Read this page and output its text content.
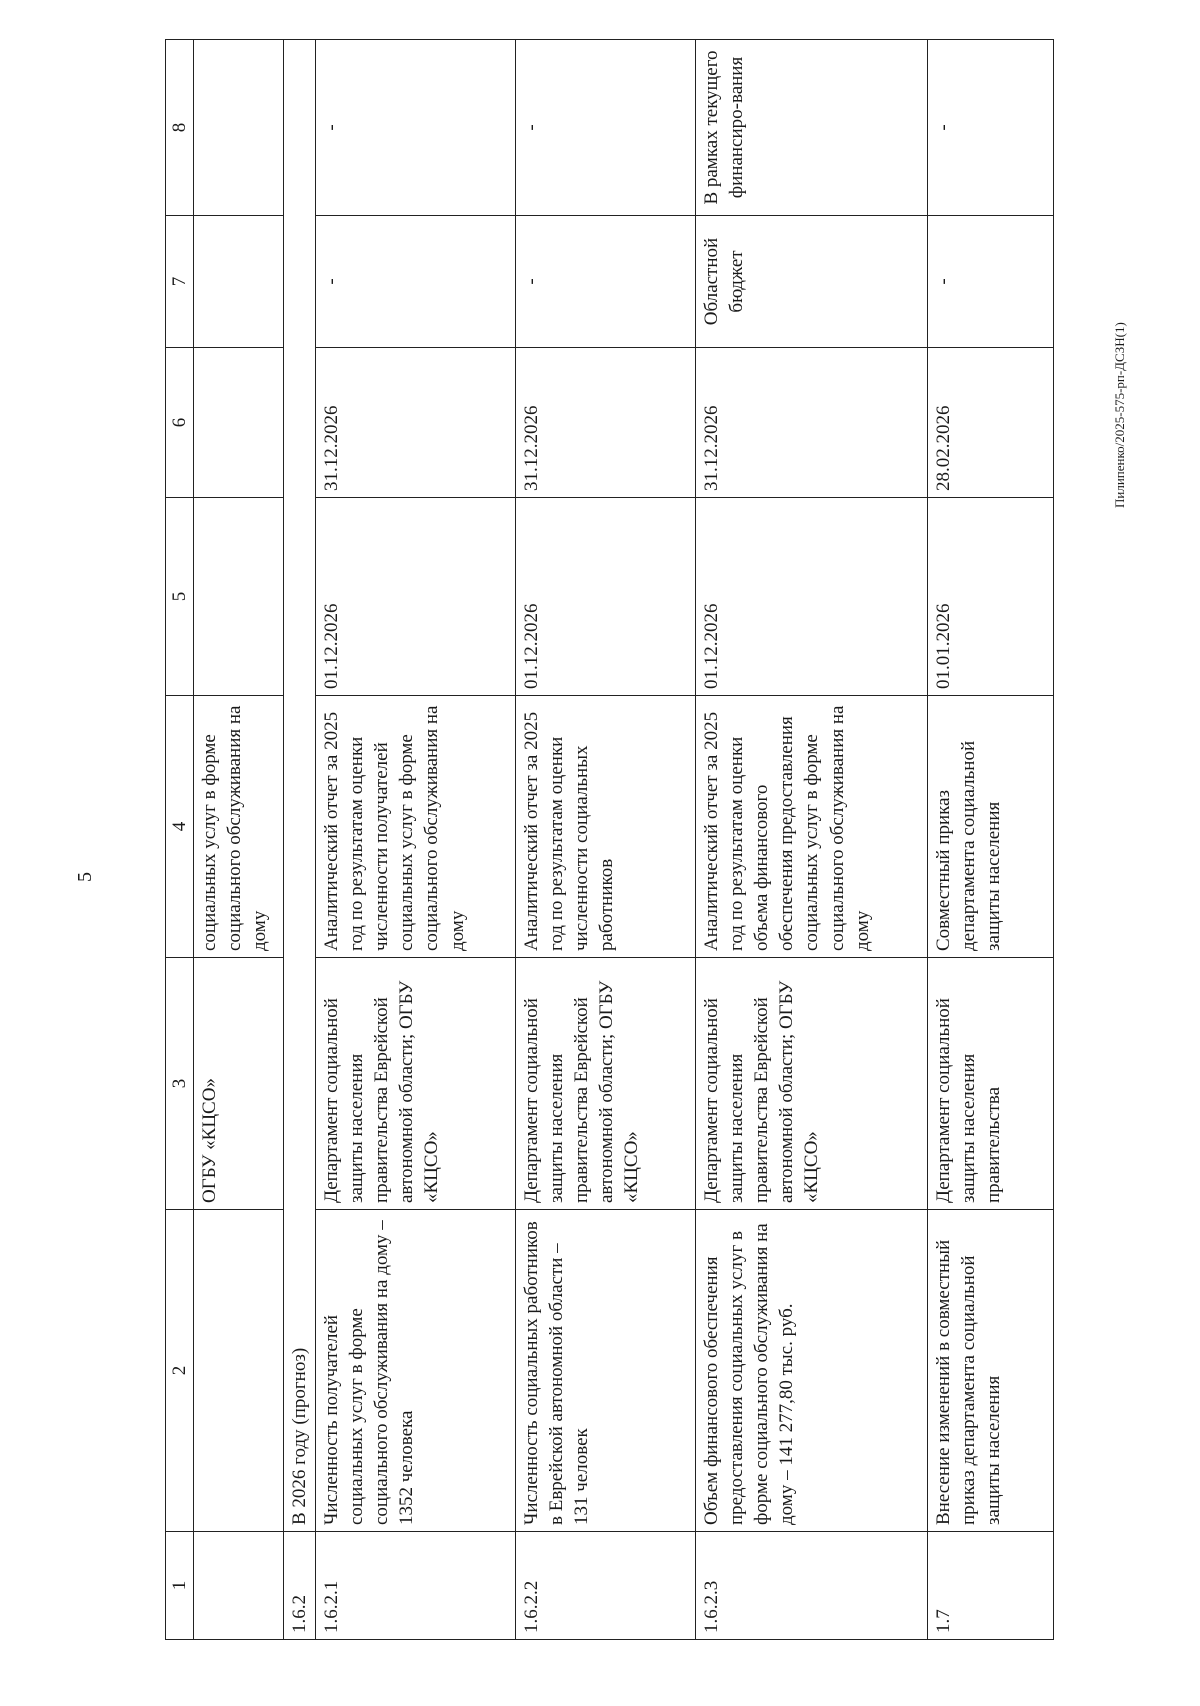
5
Пилипенко/2025-575-рп-ДСЗН(1)
1	2	3	4	5	6	7	8
		ОГБУ «КЦСО»	социальных услуг в форме социального обслуживания на дому				
1.6.2	В 2026 году (прогноз)						
1.6.2.1	Численность получателей социальных услуг в форме социального обслуживания на дому – 1352 человека	Департамент социальной защиты населения правительства Еврейской автономной области; ОГБУ «КЦСО»	Аналитический отчет за 2025 год по результатам оценки численности получателей социальных услуг в форме социального обслуживания на дому	01.12.2026	31.12.2026	-	-
1.6.2.2	Численность социальных работников в Еврейской автономной области – 131 человек	Департамент социальной защиты населения правительства Еврейской автономной области; ОГБУ «КЦСО»	Аналитический отчет за 2025 год по результатам оценки численности социальных работников	01.12.2026	31.12.2026	-	-
1.6.2.3	Объем финансового обеспечения предоставления социальных услуг в форме социального обслуживания на дому – 141 277,80 тыс. руб.	Департамент социальной защиты населения правительства Еврейской автономной области; ОГБУ «КЦСО»	Аналитический отчет за 2025 год по результатам оценки объема финансового обеспечения предоставления социальных услуг в форме социального обслуживания на дому	01.12.2026	31.12.2026	Областной бюджет	В рамках текущего финансиро-вания
1.7	Внесение изменений в совместный приказ департамента социальной защиты населения	Департамент социальной защиты населения правительства	Совместный приказ департамента социальной защиты населения	01.01.2026	28.02.2026	-	-
